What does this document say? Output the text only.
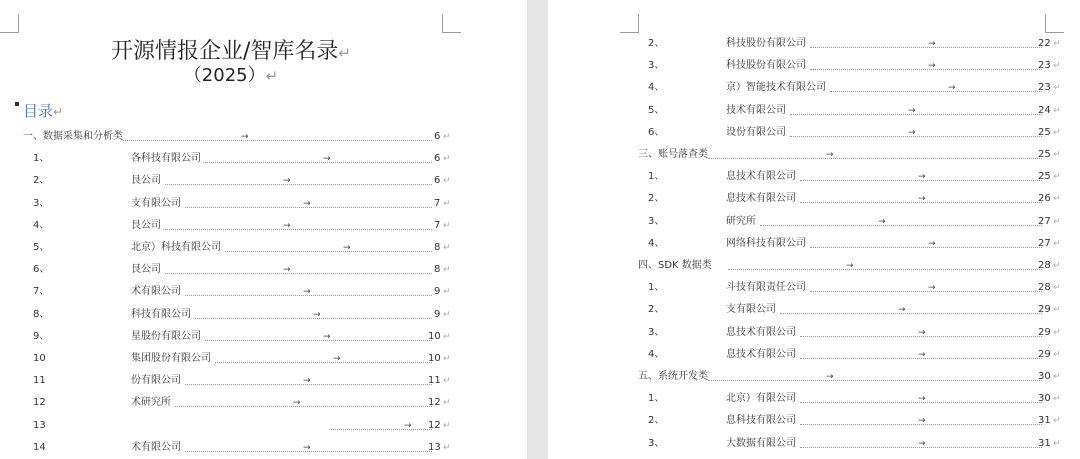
开源情报企业/智库名录↵
（2025）↵
目录↵
一、数据采集和分析类	→	6 ↵
1、	各科技有限公司	→	6 ↵
2、	艮公司	→	6 ↵
3、	支有限公司	→	7 ↵
4、	艮公司	→	7 ↵
5、	北京）科技有限公司	→	8 ↵
6、	艮公司	→	8 ↵
7、	术有限公司	→	9 ↵
8、	科技有限公司	→	9 ↵
9、	星股份有限公司	→	10 ↵
10	集团股份有限公司	→	10 ↵
11	份有限公司	→	11 ↵
12	术研究所	→	12 ↵
13	→ 12 ↵
14	术有限公司	→	13 ↵
2、	科技股份有限公司	→	22 ↵
3、	科技股份有限公司	→	23 ↵
4、	京）智能技术有限公司	→	23 ↵
5、	技术有限公司	→	24 ↵
6、	设份有限公司	→	25 ↵
三、账号落查类	→	25 ↵
1、	息技术有限公司	→	25 ↵
2、	息技术有限公司	→	26 ↵
3、	研究所	→	27 ↵
4、	网络科技有限公司	→	27 ↵
四、SDK 数据类	→	28 ↵
1、	斗技有限责任公司	→	28 ↵
2、	支有限公司	→	29 ↵
3、	息技术有限公司	→	29 ↵
4、	息技术有限公司	→	29 ↵
五、系统开发类	→	30 ↵
1、	北京）有限公司	→	30 ↵
2、	息科技有限公司	→	31 ↵
3、	大数据有限公司	→	31 ↵
